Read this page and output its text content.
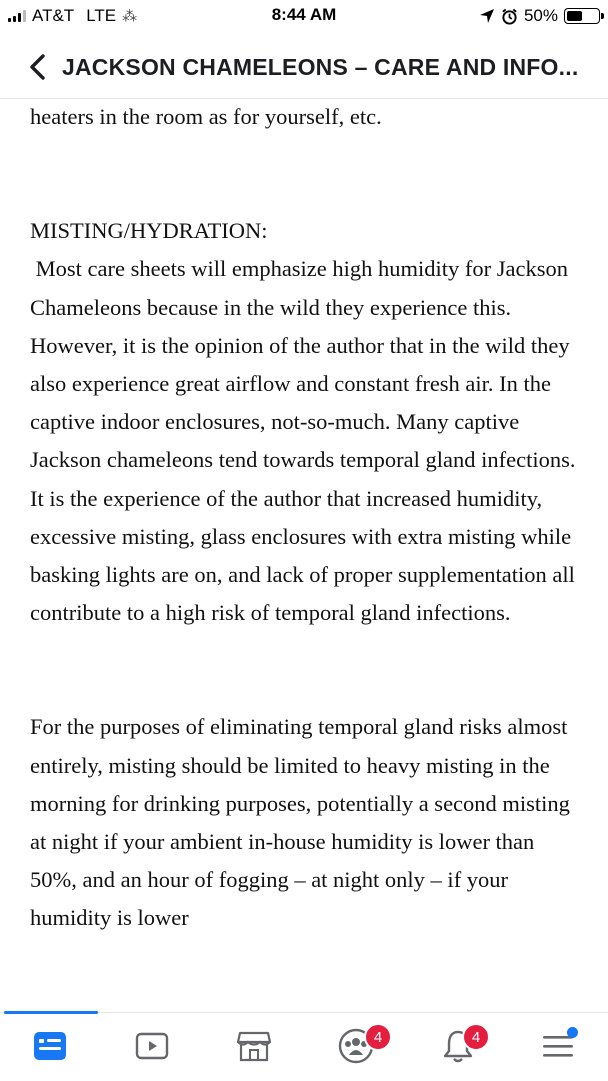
AT&T LTE ⁂	8:44 AM	50%
JACKSON CHAMELEONS – CARE AND INFO...

heaters in the room as for yourself, etc.

MISTING/HYDRATION:

Most care sheets will emphasize high humidity for Jackson Chameleons because in the wild they experience this. However, it is the opinion of the author that in the wild they also experience great airflow and constant fresh air. In the captive indoor enclosures, not-so-much. Many captive Jackson chameleons tend towards temporal gland infections. It is the experience of the author that increased humidity, excessive misting, glass enclosures with extra misting while basking lights are on, and lack of proper supplementation all contribute to a high risk of temporal gland infections.

For the purposes of eliminating temporal gland risks almost entirely, misting should be limited to heavy misting in the morning for drinking purposes, potentially a second misting at night if your ambient in-house humidity is lower than 50%, and an hour of fogging – at night only – if your humidity is lower

4	4
